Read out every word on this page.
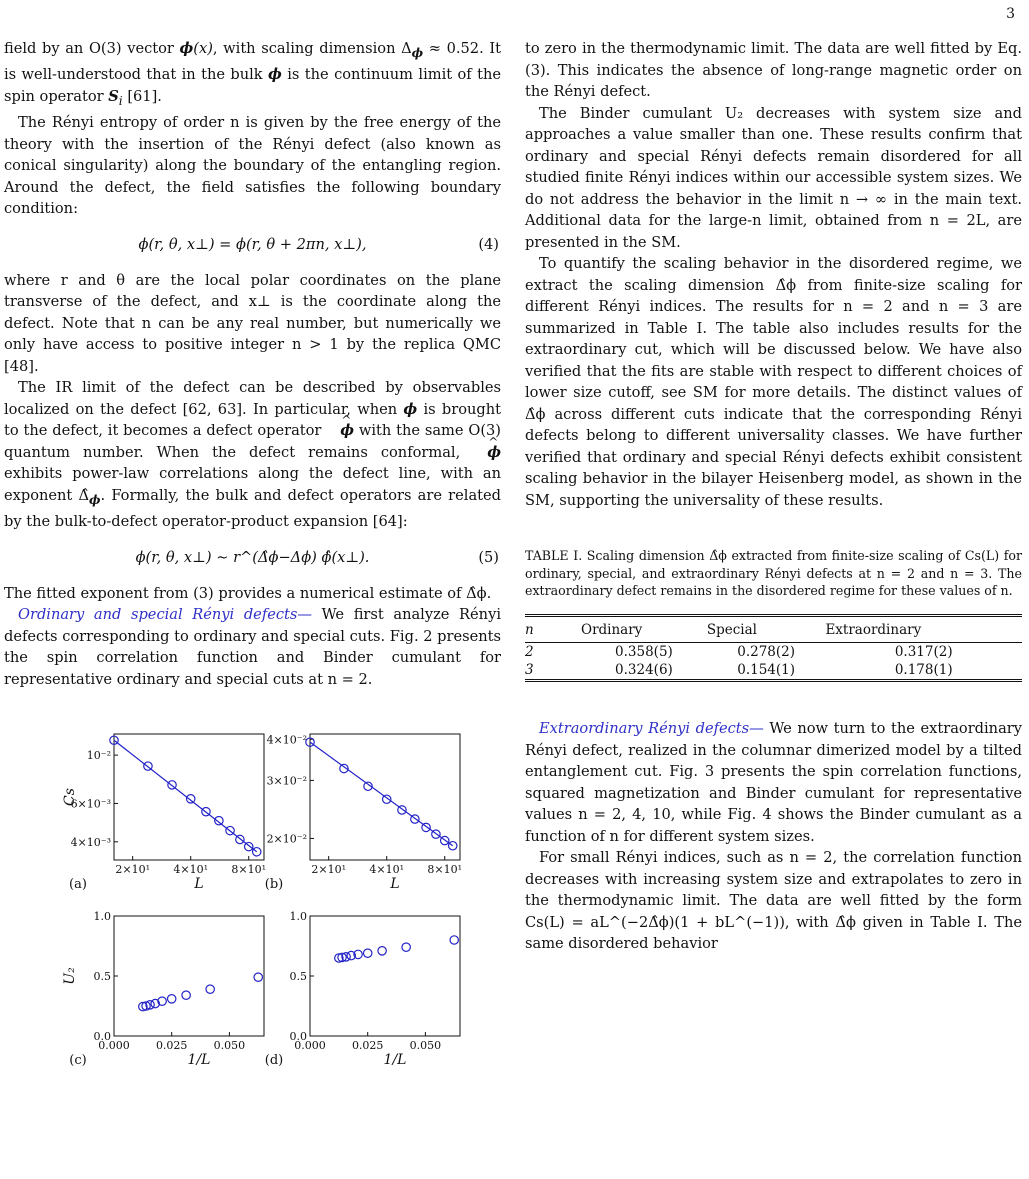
3

field by an O(3) vector ϕ(x), with scaling dimension $\Delta_\phi \approx 0.52$. It is well-understood that in the bulk ϕ is the continuum limit of the spin operator $S_i$ [61].

The Rényi entropy of order n is given by the free energy of the theory with the insertion of the Rényi defect (also known as conical singularity) along the boundary of the entangling region. Around the defect, the field satisfies the following boundary condition:

ϕ(r, θ, x⊥) = ϕ(r, θ + 2πn, x⊥),	(4)

where r and θ are the local polar coordinates on the plane transverse of the defect, and x⊥ is the coordinate along the defect. Note that n can be any real number, but numerically we only have access to positive integer n > 1 by the replica QMC [48].

The IR limit of the defect can be described by observables localized on the defect [62, 63]. In particular, when ϕ is brought to the defect, it becomes a defect operator ^ ϕ with the same O(3) quantum number. When the defect remains conformal, ^ ϕ exhibits power-law correlations along the defect line, with an exponent $\Deltâ_\phi$. Formally, the bulk and defect operators are related by the bulk-to-defect operator-product expansion [64]:

ϕ(r, θ, x⊥) ∼ r^(Δ̂ϕ−Δϕ) ϕ̂(x⊥).	(5)

The fitted exponent from (3) provides a numerical estimate of Δ̂ϕ.

Ordinary and special Rényi defects— We first analyze Rényi defects corresponding to ordinary and special cuts. Fig. 2 presents the spin correlation function and Binder cumulant for representative ordinary and special cuts at n = 2.

2×10¹ 4×10¹ 8×10¹
10⁻²
6×10⁻³
4×10⁻³
(a)	L
Cs
2×10¹ 4×10¹ 8×10¹
4×10⁻²
3×10⁻²
2×10⁻²
(b)	L
0.000 0.025 0.050
0.0
0.5
1.0
(c)	1/L
U₂
0.000 0.025 0.050
0.0
0.5
1.0
(d)	1/L

to zero in the thermodynamic limit. The data are well fitted by Eq. (3). This indicates the absence of long-range magnetic order on the Rényi defect.

The Binder cumulant U₂ decreases with system size and approaches a value smaller than one. These results confirm that ordinary and special Rényi defects remain disordered for all studied finite Rényi indices within our accessible system sizes. We do not address the behavior in the limit n → ∞ in the main text. Additional data for the large-n limit, obtained from n = 2L, are presented in the SM.

To quantify the scaling behavior in the disordered regime, we extract the scaling dimension Δ̂ϕ from finite-size scaling for different Rényi indices. The results for n = 2 and n = 3 are summarized in Table I. The table also includes results for the extraordinary cut, which will be discussed below. We have also verified that the fits are stable with respect to different choices of lower size cutoff, see SM for more details. The distinct values of Δ̂ϕ across different cuts indicate that the corresponding Rényi defects belong to different universality classes. We have further verified that ordinary and special Rényi defects exhibit consistent scaling behavior in the bilayer Heisenberg model, as shown in the SM, supporting the universality of these results.

TABLE I. Scaling dimension Δ̂ϕ extracted from finite-size scaling of Cs(L) for ordinary, special, and extraordinary Rényi defects at n = 2 and n = 3. The extraordinary defect remains in the disordered regime for these values of n.

n	Ordinary	Special	Extraordinary
2	0.358(5)	0.278(2)	0.317(2)
3	0.324(6)	0.154(1)	0.178(1)

Extraordinary Rényi defects— We now turn to the extraordinary Rényi defect, realized in the columnar dimerized model by a tilted entanglement cut. Fig. 3 presents the spin correlation functions, squared magnetization and Binder cumulant for representative values n = 2, 4, 10, while Fig. 4 shows the Binder cumulant as a function of n for different system sizes.

For small Rényi indices, such as n = 2, the correlation function decreases with increasing system size and extrapolates to zero in the thermodynamic limit. The data are well fitted by the form Cs(L) = aL^(−2Δ̂ϕ)(1 + bL^(−1)), with Δ̂ϕ given in Table I. The same disordered behavior
